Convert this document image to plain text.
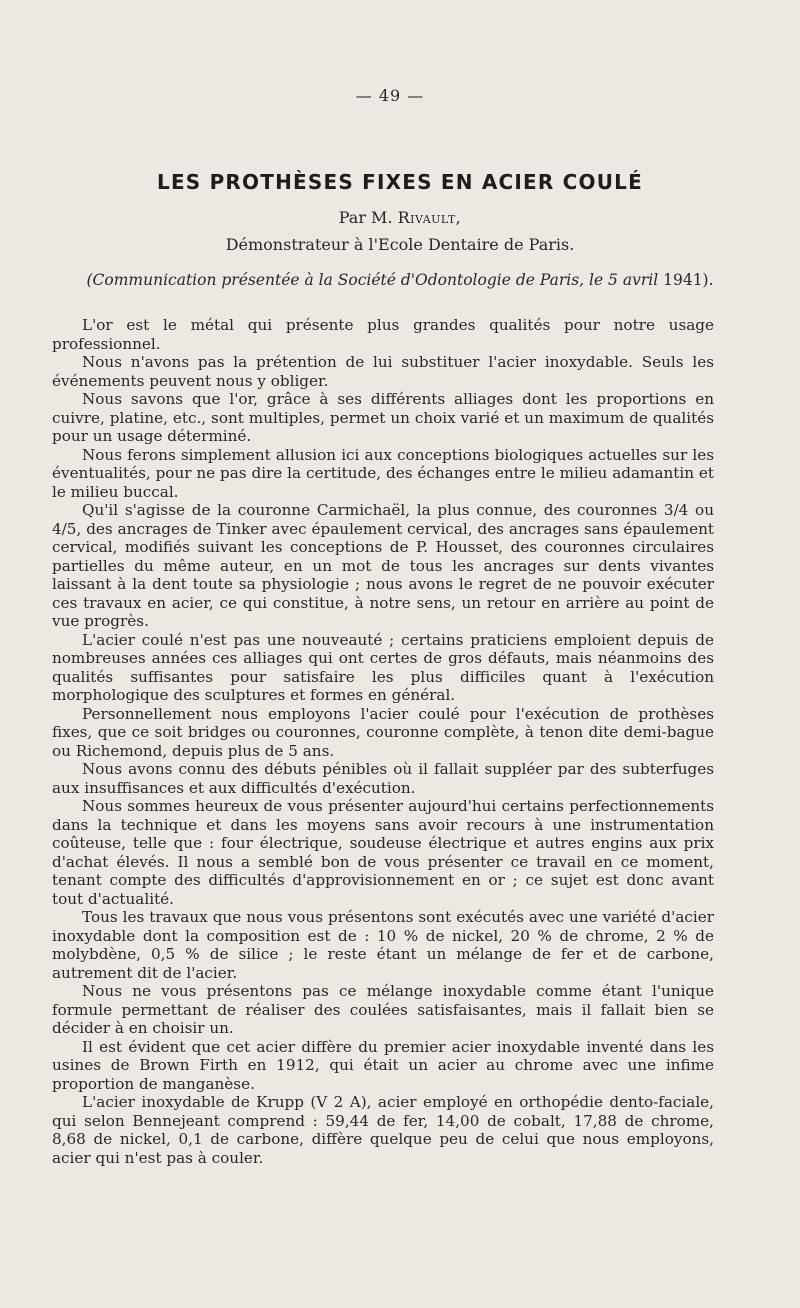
— 49 —
LES PROTHÈSES FIXES EN ACIER COULÉ
Par M. Rivault,
Démonstrateur à l'Ecole Dentaire de Paris.
(Communication présentée à la Société d'Odontologie de Paris, le 5 avril 1941).

L'or est le métal qui présente plus grandes qualités pour notre usage professionnel.

Nous n'avons pas la prétention de lui substituer l'acier inoxydable. Seuls les événements peuvent nous y obliger.

Nous savons que l'or, grâce à ses différents alliages dont les proportions en cuivre, platine, etc., sont multiples, permet un choix varié et un maximum de qualités pour un usage déterminé.

Nous ferons simplement allusion ici aux conceptions biologiques actuelles sur les éventualités, pour ne pas dire la certitude, des échanges entre le milieu adamantin et le milieu buccal.

Qu'il s'agisse de la couronne Carmichaël, la plus connue, des couronnes 3/4 ou 4/5, des ancrages de Tinker avec épaulement cervical, des ancrages sans épaulement cervical, modifiés suivant les conceptions de P. Housset, des couronnes circulaires partielles du même auteur, en un mot de tous les ancrages sur dents vivantes laissant à la dent toute sa physiologie ; nous avons le regret de ne pouvoir exécuter ces travaux en acier, ce qui constitue, à notre sens, un retour en arrière au point de vue progrès.

L'acier coulé n'est pas une nouveauté ; certains praticiens emploient depuis de nombreuses années ces alliages qui ont certes de gros défauts, mais néanmoins des qualités suffisantes pour satisfaire les plus difficiles quant à l'exécution morphologique des sculptures et formes en général.

Personnellement nous employons l'acier coulé pour l'exécution de prothèses fixes, que ce soit bridges ou couronnes, couronne complète, à tenon dite demi-bague ou Richemond, depuis plus de 5 ans.

Nous avons connu des débuts pénibles où il fallait suppléer par des subterfuges aux insuffisances et aux difficultés d'exécution.

Nous sommes heureux de vous présenter aujourd'hui certains perfectionnements dans la technique et dans les moyens sans avoir recours à une instrumentation coûteuse, telle que : four électrique, soudeuse électrique et autres engins aux prix d'achat élevés. Il nous a semblé bon de vous présenter ce travail en ce moment, tenant compte des difficultés d'approvisionnement en or ; ce sujet est donc avant tout d'actualité.

Tous les travaux que nous vous présentons sont exécutés avec une variété d'acier inoxydable dont la composition est de : 10 % de nickel, 20 % de chrome, 2 % de molybdène, 0,5 % de silice ; le reste étant un mélange de fer et de carbone, autrement dit de l'acier.

Nous ne vous présentons pas ce mélange inoxydable comme étant l'unique formule permettant de réaliser des coulées satisfaisantes, mais il fallait bien se décider à en choisir un.

Il est évident que cet acier diffère du premier acier inoxydable inventé dans les usines de Brown Firth en 1912, qui était un acier au chrome avec une infime proportion de manganèse.

L'acier inoxydable de Krupp (V 2 A), acier employé en orthopédie dento-faciale, qui selon Bennejeant comprend : 59,44 de fer, 14,00 de cobalt, 17,88 de chrome, 8,68 de nickel, 0,1 de carbone, diffère quelque peu de celui que nous employons, acier qui n'est pas à couler.
